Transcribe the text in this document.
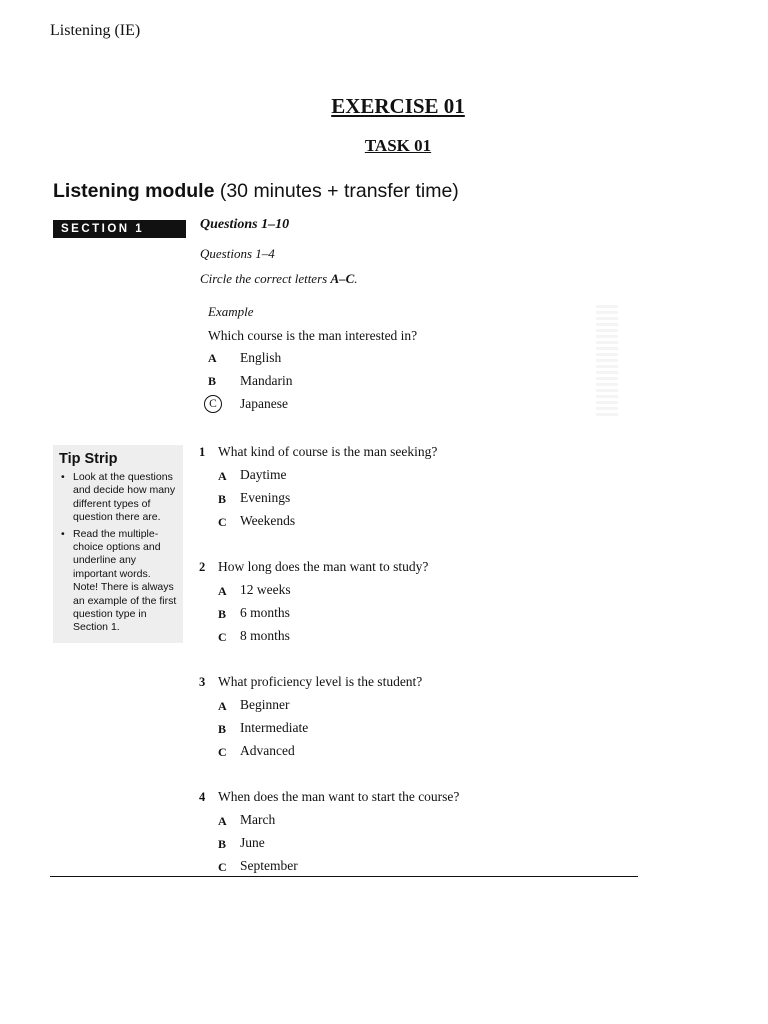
Listening (IE)
EXERCISE 01
TASK 01
Listening module (30 minutes + transfer time)
SECTION 1	Questions 1–10
Questions 1–4
Circle the correct letters A–C.
Example
Which course is the man interested in?
A English
B Mandarin
C	Japanese
Tip Strip
• Look at the questions and decide how many different types of question there are.
• Read the multiple-choice options and underline any important words. Note! There is always an example of the first question type in Section 1.
1 What kind of course is the man seeking?
A Daytime
B Evenings
C Weekends
2 How long does the man want to study?
A 12 weeks
B 6 months
C 8 months
3 What proficiency level is the student?
A Beginner
B Intermediate
C Advanced
4 When does the man want to start the course?
A March
B June
C September
